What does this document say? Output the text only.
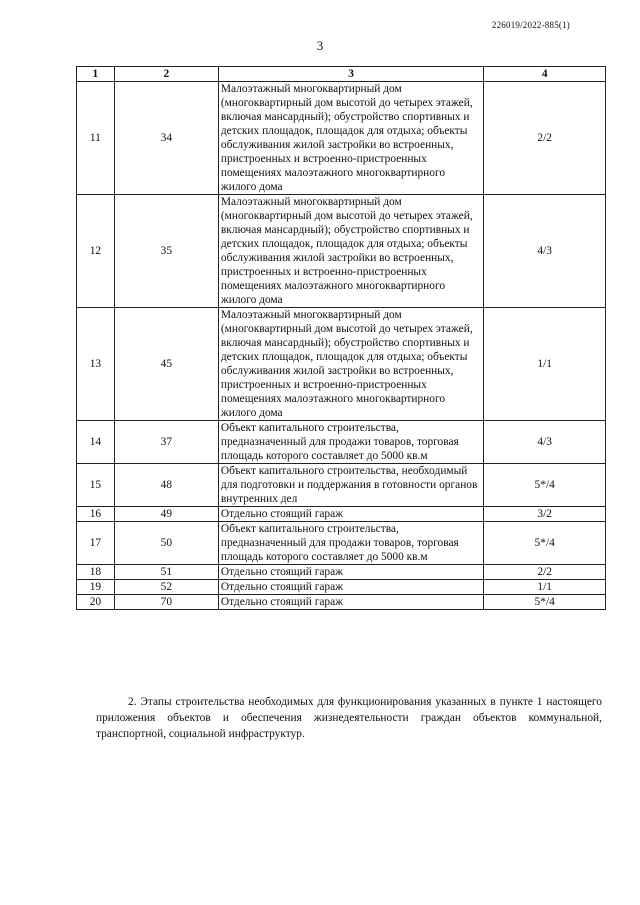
226019/2022-885(1)
3
1	2	3	4
11	34	Малоэтажный многоквартирный дом (многоквартирный дом высотой до четырех этажей, включая мансардный); обустройство спортивных и детских площадок, площадок для отдыха; объекты обслуживания жилой застройки во встроенных, пристроенных и встроенно-пристроенных помещениях малоэтажного многоквартирного жилого дома	2/2
12	35	Малоэтажный многоквартирный дом (многоквартирный дом высотой до четырех этажей, включая мансардный); обустройство спортивных и детских площадок, площадок для отдыха; объекты обслуживания жилой застройки во встроенных, пристроенных и встроенно-пристроенных помещениях малоэтажного многоквартирного жилого дома	4/3
13	45	Малоэтажный многоквартирный дом (многоквартирный дом высотой до четырех этажей, включая мансардный); обустройство спортивных и детских площадок, площадок для отдыха; объекты обслуживания жилой застройки во встроенных, пристроенных и встроенно-пристроенных помещениях малоэтажного многоквартирного жилого дома	1/1
14	37	Объект капитального строительства, предназначенный для продажи товаров, торговая площадь которого составляет до 5000 кв.м	4/3
15	48	Объект капитального строительства, необходимый для подготовки и поддержания в готовности органов внутренних дел	5*/4
16	49	Отдельно стоящий гараж	3/2
17	50	Объект капитального строительства, предназначенный для продажи товаров, торговая площадь которого составляет до 5000 кв.м	5*/4
18	51	Отдельно стоящий гараж	2/2
19	52	Отдельно стоящий гараж	1/1
20	70	Отдельно стоящий гараж	5*/4

2. Этапы строительства необходимых для функционирования указанных в пункте 1 настоящего приложения объектов и обеспечения жизнедеятельности граждан объектов коммунальной, транспортной, социальной инфраструктур.
